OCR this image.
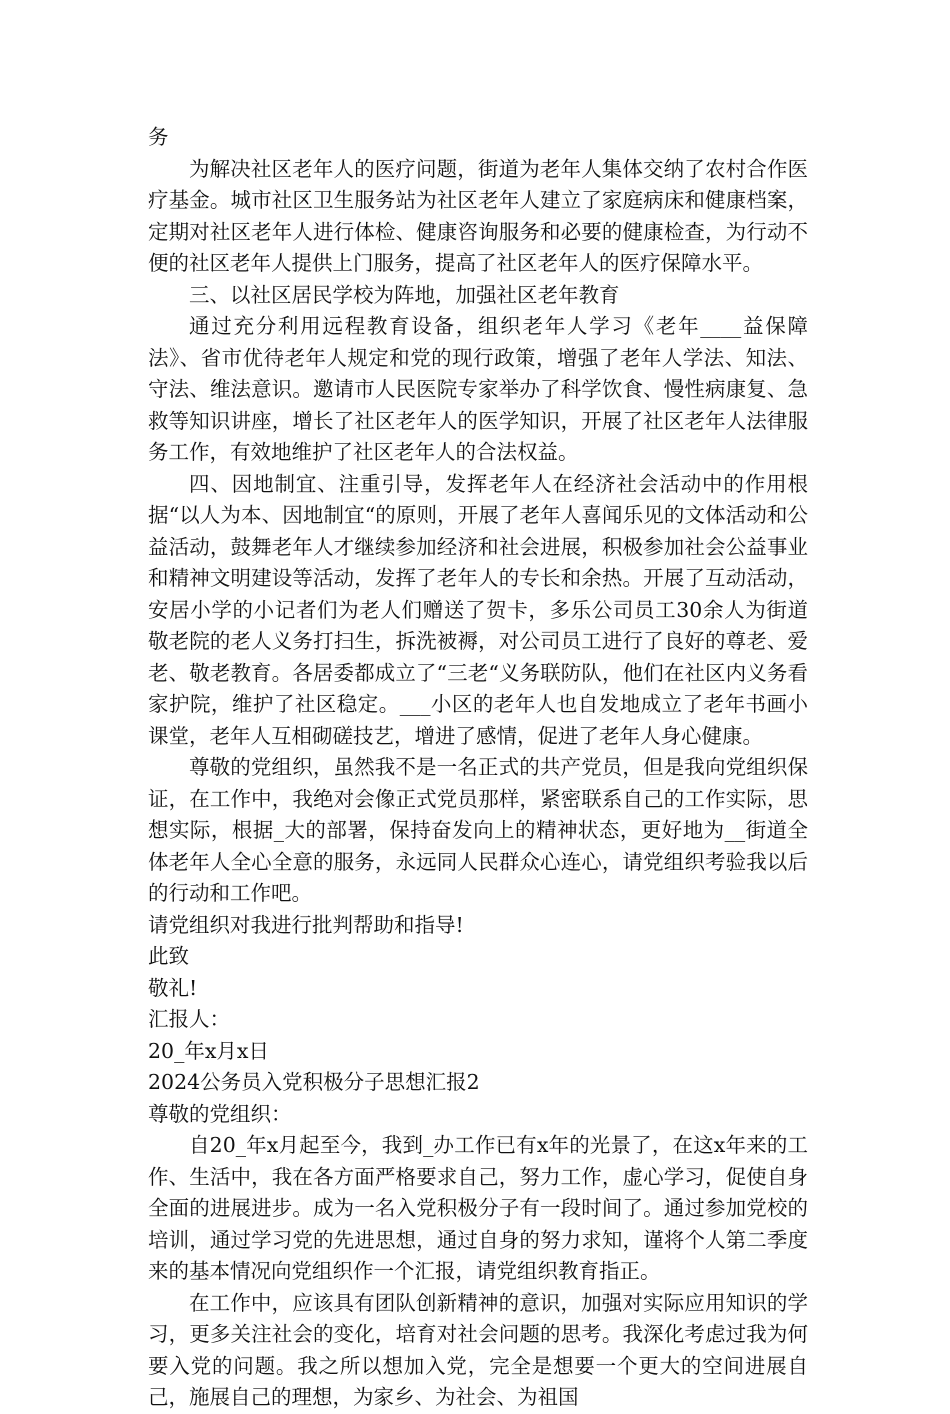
务

为解决社区老年人的医疗问题，街道为老年人集体交纳了农村合作医疗基金。城市社区卫生服务站为社区老年人建立了家庭病床和健康档案，定期对社区老年人进行体检、健康咨询服务和必要的健康检查，为行动不便的社区老年人提供上门服务，提高了社区老年人的医疗保障水平。

三、以社区居民学校为阵地，加强社区老年教育

通过充分利用远程教育设备，组织老年人学习《老年____益保障法》、省市优待老年人规定和党的现行政策，增强了老年人学法、知法、守法、维法意识。邀请市人民医院专家举办了科学饮食、慢性病康复、急救等知识讲座，增长了社区老年人的医学知识，开展了社区老年人法律服务工作，有效地维护了社区老年人的合法权益。

四、因地制宜、注重引导，发挥老年人在经济社会活动中的作用根据“以人为本、因地制宜“的原则，开展了老年人喜闻乐见的文体活动和公益活动，鼓舞老年人才继续参加经济和社会进展，积极参加社会公益事业和精神文明建设等活动，发挥了老年人的专长和余热。开展了互动活动，安居小学的小记者们为老人们赠送了贺卡，多乐公司员工30余人为街道敬老院的老人义务打扫生，拆洗被褥，对公司员工进行了良好的尊老、爱老、敬老教育。各居委都成立了“三老“义务联防队，他们在社区内义务看家护院，维护了社区稳定。___小区的老年人也自发地成立了老年书画小课堂，老年人互相砌磋技艺，增进了感情，促进了老年人身心健康。

尊敬的党组织，虽然我不是一名正式的共产党员，但是我向党组织保证，在工作中，我绝对会像正式党员那样，紧密联系自己的工作实际，思想实际，根据_大的部署，保持奋发向上的精神状态，更好地为__街道全体老年人全心全意的服务，永远同人民群众心连心，请党组织考验我以后的行动和工作吧。

请党组织对我进行批判帮助和指导!

此致

敬礼!

汇报人：

20_年x月x日

2024公务员入党积极分子思想汇报2

尊敬的党组织：

自20_年x月起至今，我到_办工作已有x年的光景了，在这x年来的工作、生活中，我在各方面严格要求自己，努力工作，虚心学习，促使自身全面的进展进步。成为一名入党积极分子有一段时间了。通过参加党校的培训，通过学习党的先进思想，通过自身的努力求知，谨将个人第二季度来的基本情况向党组织作一个汇报，请党组织教育指正。

在工作中，应该具有团队创新精神的意识，加强对实际应用知识的学习，更多关注社会的变化，培育对社会问题的思考。我深化考虑过我为何要入党的问题。我之所以想加入党，完全是想要一个更大的空间进展自己，施展自己的理想，为家乡、为社会、为祖国
